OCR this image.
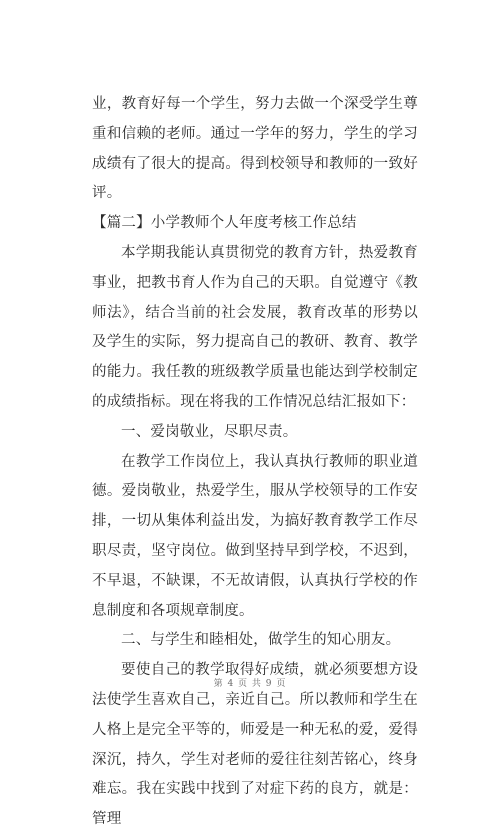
业，教育好每一个学生，努力去做一个深受学生尊重和信赖的老师。通过一学年的努力，学生的学习成绩有了很大的提高。得到校领导和教师的一致好评。

【篇二】小学教师个人年度考核工作总结

本学期我能认真贯彻党的教育方针，热爱教育事业，把教书育人作为自己的天职。自觉遵守《教师法》，结合当前的社会发展，教育改革的形势以及学生的实际，努力提高自己的教研、教育、教学的能力。我任教的班级教学质量也能达到学校制定的成绩指标。现在将我的工作情况总结汇报如下：

一、爱岗敬业，尽职尽责。

在教学工作岗位上，我认真执行教师的职业道德。爱岗敬业，热爱学生，服从学校领导的工作安排，一切从集体利益出发，为搞好教育教学工作尽职尽责，坚守岗位。做到坚持早到学校，不迟到，不早退，不缺课，不无故请假，认真执行学校的作息制度和各项规章制度。

二、与学生和睦相处，做学生的知心朋友。

要使自己的教学取得好成绩，就必须要想方设法使学生喜欢自己，亲近自己。所以教师和学生在人格上是完全平等的，师爱是一种无私的爱，爱得深沉，持久，学生对老师的爱往往刻苦铭心，终身难忘。我在实践中找到了对症下药的良方，就是：管理

第 4 页 共 9 页
